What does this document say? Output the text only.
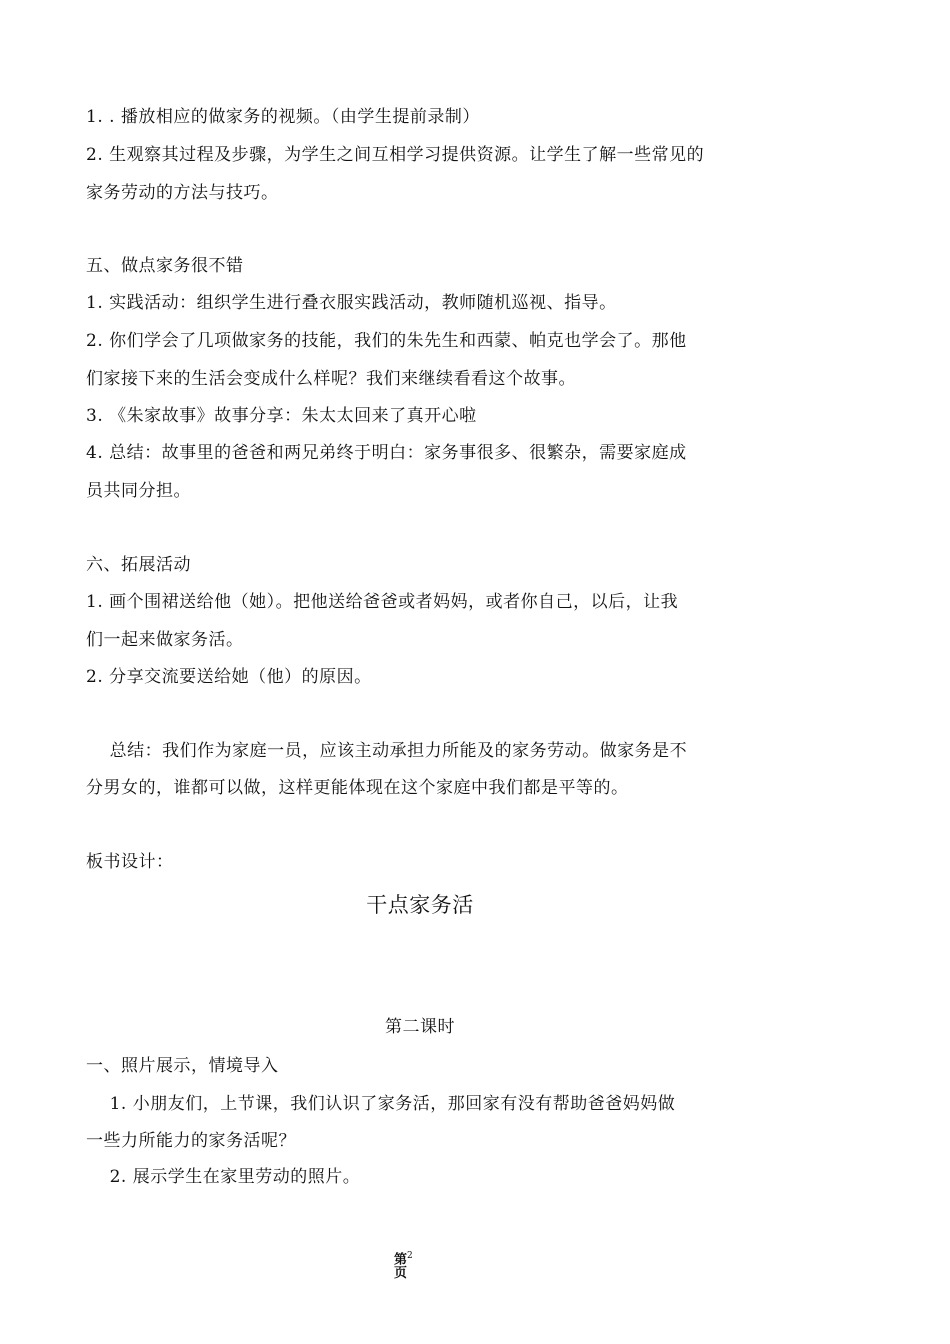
1. . 播放相应的做家务的视频。（由学生提前录制）

2. 生观察其过程及步骤，为学生之间互相学习提供资源。让学生了解一些常见的

家务劳动的方法与技巧。

五、做点家务很不错

1. 实践活动：组织学生进行叠衣服实践活动，教师随机巡视、指导。

2. 你们学会了几项做家务的技能，我们的朱先生和西蒙、帕克也学会了。那他

们家接下来的生活会变成什么样呢？我们来继续看看这个故事。

3. 《朱家故事》故事分享：朱太太回来了真开心啦

4. 总结：故事里的爸爸和两兄弟终于明白：家务事很多、很繁杂，需要家庭成

员共同分担。

六、拓展活动

1. 画个围裙送给他（她）。把他送给爸爸或者妈妈，或者你自己，以后，让我

们一起来做家务活。

2. 分享交流要送给她（他）的原因。

总结：我们作为家庭一员，应该主动承担力所能及的家务劳动。做家务是不

分男女的，谁都可以做，这样更能体现在这个家庭中我们都是平等的。

板书设计：

干点家务活

第二课时

一、照片展示，情境导入

1. 小朋友们，上节课，我们认识了家务活，那回家有没有帮助爸爸妈妈做

一些力所能力的家务活呢？

2. 展示学生在家里劳动的照片。

第$^2$
页
